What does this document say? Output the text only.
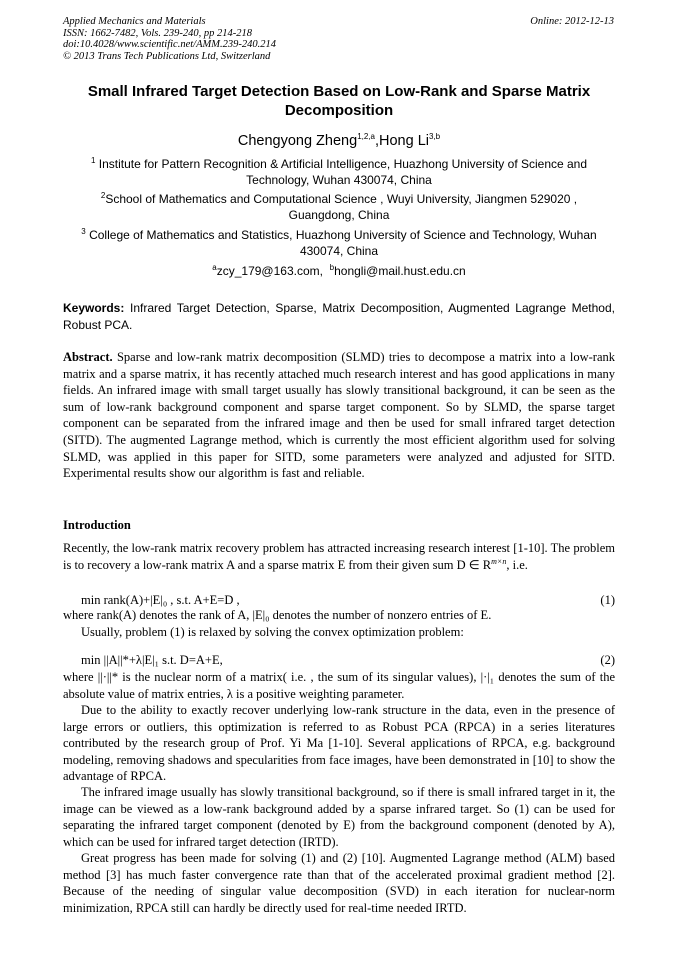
Applied Mechanics and Materials
ISSN: 1662-7482, Vols. 239-240, pp 214-218
doi:10.4028/www.scientific.net/AMM.239-240.214
© 2013 Trans Tech Publications Ltd, Switzerland
Online: 2012-12-13
Small Infrared Target Detection Based on Low-Rank and Sparse Matrix Decomposition
Chengyong Zheng$^{1,2,a}$,Hong Li$^{3,b}$
$^1$ Institute for Pattern Recognition & Artificial Intelligence, Huazhong University of Science and Technology, Wuhan 430074, China
$^2$School of Mathematics and Computational Science , Wuyi University, Jiangmen 529020 , Guangdong, China
$^3$ College of Mathematics and Statistics, Huazhong University of Science and Technology, Wuhan 430074, China
$^a$zcy_179@163.com, $^b$hongli@mail.hust.edu.cn
Keywords: Infrared Target Detection, Sparse, Matrix Decomposition, Augmented Lagrange Method, Robust PCA.
Abstract. Sparse and low-rank matrix decomposition (SLMD) tries to decompose a matrix into a low-rank matrix and a sparse matrix, it has recently attached much research interest and has good applications in many fields. An infrared image with small target usually has slowly transitional background, it can be seen as the sum of low-rank background component and sparse target component. So by SLMD, the sparse target component can be separated from the infrared image and then be used for small infrared target detection (SITD). The augmented Lagrange method, which is currently the most efficient algorithm used for solving SLMD, was applied in this paper for SITD, some parameters were analyzed and adjusted for SITD. Experimental results show our algorithm is fast and reliable.
Introduction
Recently, the low-rank matrix recovery problem has attracted increasing research interest [1-10]. The problem is to recovery a low-rank matrix A and a sparse matrix E from their given sum D ∈ $R^{m\times n}$, i.e.
min rank(A)+|E|₀ , s.t. A+E=D ,	(1)
where rank(A) denotes the rank of A, |E|₀ denotes the number of nonzero entries of E.
Usually, problem (1) is relaxed by solving the convex optimization problem:
min ||A||*+λ|E|₁ s.t. D=A+E,	(2)
where ||·||* is the nuclear norm of a matrix( i.e. , the sum of its singular values), |·|₁ denotes the sum of the absolute value of matrix entries, λ is a positive weighting parameter.
Due to the ability to exactly recover underlying low-rank structure in the data, even in the presence of large errors or outliers, this optimization is referred to as Robust PCA (RPCA) in a series literatures contributed by the research group of Prof. Yi Ma [1-10]. Several applications of RPCA, e.g. background modeling, removing shadows and specularities from face images, have been demonstrated in [10] to show the advantage of RPCA.
The infrared image usually has slowly transitional background, so if there is small infrared target in it, the image can be viewed as a low-rank background added by a sparse infrared target. So (1) can be used for separating the infrared target component (denoted by E) from the background component (denoted by A), which can be used for infrared target detection (IRTD).
Great progress has been made for solving (1) and (2) [10]. Augmented Lagrange method (ALM) based method [3] has much faster convergence rate than that of the accelerated proximal gradient method [2]. Because of the needing of singular value decomposition (SVD) in each iteration for nuclear-norm minimization, RPCA still can hardly be directly used for real-time needed IRTD.
